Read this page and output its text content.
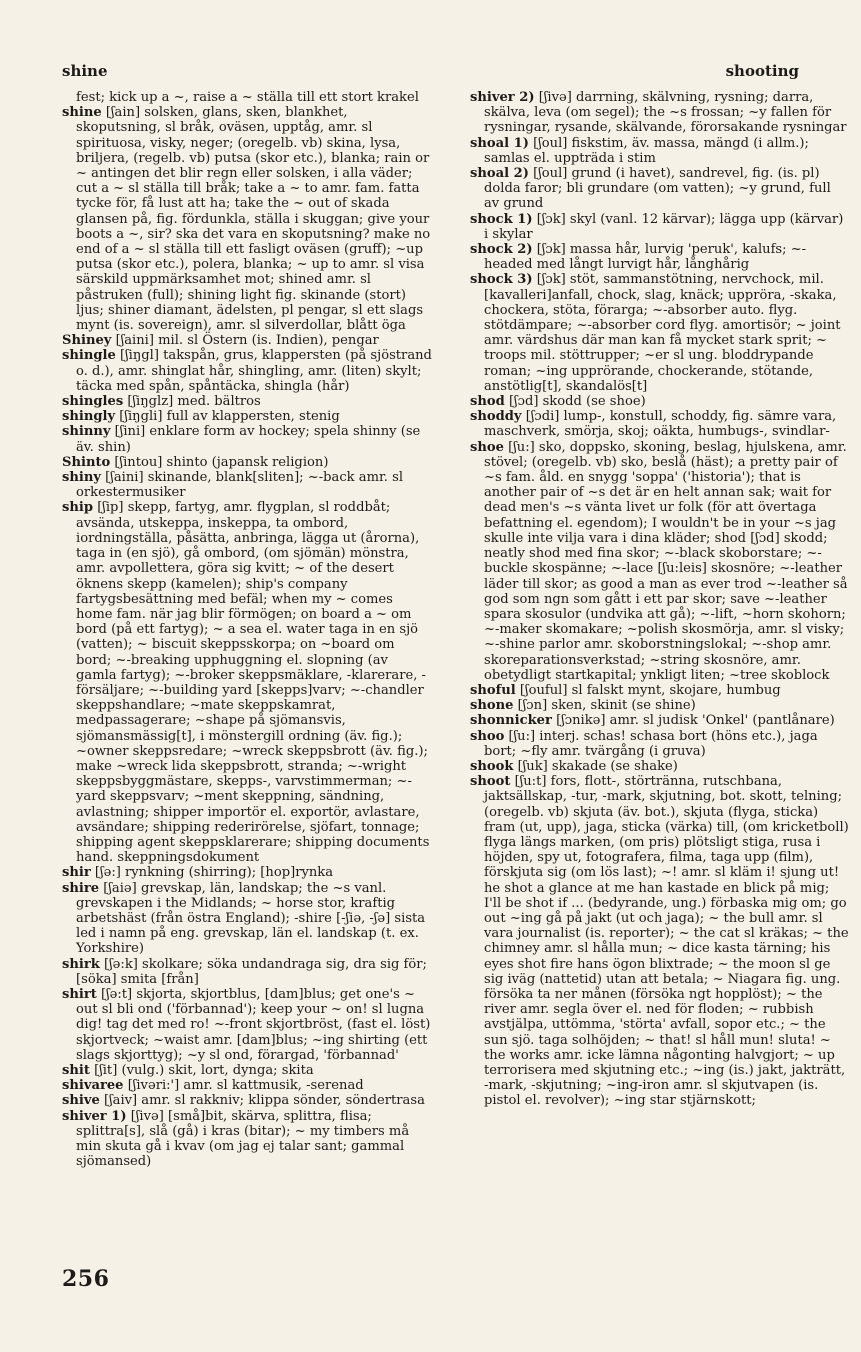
shine	shooting

fest; kick up a ~, raise a ~ ställa till ett stort krakel

shine [ʃain] solsken, glans, sken, blankhet, skoputsning, sl bråk, oväsen, upptåg, amr. sl spirituosa, visky, neger; (oregelb. vb) skina, lysa, briljera, (regelb. vb) putsa (skor etc.), blanka; rain or ~ antingen det blir regn eller solsken, i alla väder; cut a ~ sl ställa till bråk; take a ~ to amr. fam. fatta tycke för, få lust att ha; take the ~ out of skada glansen på, fig. fördunkla, ställa i skuggan; give your boots a ~, sir? ska det vara en skoputsning? make no end of a ~ sl ställa till ett fasligt oväsen (gruff); ~up putsa (skor etc.), polera, blanka; ~ up to amr. sl visa särskild uppmärksamhet mot; shined amr. sl påstruken (full); shining light fig. skinande (stort) ljus; shiner diamant, ädelsten, pl pengar, sl ett slags mynt (is. sovereign), amr. sl silverdollar, blått öga

Shiney [ʃaini] mil. sl Östern (is. Indien), pengar

shingle [ʃiŋgl] takspån, grus, klappersten (på sjöstrand o. d.), amr. shinglat hår, shingling, amr. (liten) skylt; täcka med spån, spåntäcka, shingla (hår)

shingles [ʃiŋglz] med. bältros

shingly [ʃiŋgli] full av klappersten, stenig

shinny [ʃini] enklare form av hockey; spela shinny (se äv. shin)

Shinto [ʃintou] shinto (japansk religion)

shiny [ʃaini] skinande, blank[sliten]; ~-back amr. sl orkestermusiker

ship [ʃip] skepp, fartyg, amr. flygplan, sl roddbåt; avsända, utskeppa, inskeppa, ta ombord, iordningställa, påsätta, anbringa, lägga ut (årorna), taga in (en sjö), gå ombord, (om sjömän) mönstra, amr. avpollettera, göra sig kvitt; ~ of the desert öknens skepp (kamelen); ship's company fartygsbesättning med befäl; when my ~ comes home fam. när jag blir förmögen; on board a ~ om bord (på ett fartyg); ~ a sea el. water taga in en sjö (vatten); ~ biscuit skeppsskorpa; on ~board om bord; ~-breaking upphuggning el. slopning (av gamla fartyg); ~-broker skeppsmäklare, -klarerare, -försäljare; ~-building yard [skepps]varv; ~-chandler skeppshandlare; ~mate skeppskamrat, medpassagerare; ~shape på sjömansvis, sjömansmässig[t], i mönstergill ordning (äv. fig.); ~owner skeppsredare; ~wreck skeppsbrott (äv. fig.); make ~wreck lida skeppsbrott, stranda; ~-wright skeppsbyggmästare, skepps-, varvstimmerman; ~-yard skeppsvarv; ~ment skeppning, sändning, avlastning; shipper importör el. exportör, avlastare, avsändare; shipping rederirörelse, sjöfart, tonnage; shipping agent skeppsklarerare; shipping documents hand. skeppningsdokument

shir [ʃə:] rynkning (shirring); [hop]rynka

shire [ʃaiə] grevskap, län, landskap; the ~s vanl. grevskapen i the Midlands; ~ horse stor, kraftig arbetshäst (från östra England); -shire [-ʃiə, -ʃə] sista led i namn på eng. grevskap, län el. landskap (t. ex. Yorkshire)

shirk [ʃə:k] skolkare; söka undandraga sig, dra sig för; [söka] smita [från]

shirt [ʃə:t] skjorta, skjortblus, [dam]blus; get one's ~ out sl bli ond ('förbannad'); keep your ~ on! sl lugna dig! tag det med ro! ~-front skjortbröst, (fast el. löst) skjortveck; ~waist amr. [dam]blus; ~ing shirting (ett slags skjorttyg); ~y sl ond, förargad, 'förbannad'

shit [ʃit] (vulg.) skit, lort, dynga; skita

shivaree [ʃivəri:'] amr. sl kattmusik, -serenad

shive [ʃaiv] amr. sl rakkniv; klippa sönder, söndertrasa

shiver 1) [ʃivə] [små]bit, skärva, splittra, flisa; splittra[s], slå (gå) i kras (bitar); ~ my timbers må min skuta gå i kvav (om jag ej talar sant; gammal sjömansed)

shiver 2) [ʃivə] darrning, skälvning, rysning; darra, skälva, leva (om segel); the ~s frossan; ~y fallen för rysningar, rysande, skälvande, förorsakande rysningar

shoal 1) [ʃoul] fiskstim, äv. massa, mängd (i allm.); samlas el. uppträda i stim

shoal 2) [ʃoul] grund (i havet), sandrevel, fig. (is. pl) dolda faror; bli grundare (om vatten); ~y grund, full av grund

shock 1) [ʃɔk] skyl (vanl. 12 kärvar); lägga upp (kärvar) i skylar

shock 2) [ʃɔk] massa hår, lurvig 'peruk', kalufs; ~-headed med långt lurvigt hår, långhårig

shock 3) [ʃɔk] stöt, sammanstötning, nervchock, mil. [kavalleri]anfall, chock, slag, knäck; uppröra, -skaka, chockera, stöta, förarga; ~-absorber auto. flyg. stötdämpare; ~-absorber cord flyg. amortisör; ~ joint amr. värdshus där man kan få mycket stark sprit; ~ troops mil. stöttrupper; ~er sl ung. bloddrypande roman; ~ing upprörande, chockerande, stötande, anstötlig[t], skandalös[t]

shod [ʃɔd] skodd (se shoe)

shoddy [ʃɔdi] lump-, konstull, schoddy, fig. sämre vara, maschverk, smörja, skoj; oäkta, humbugs-, svindlar-

shoe [ʃu:] sko, doppsko, skoning, beslag, hjulskena, amr. stövel; (oregelb. vb) sko, beslå (häst); a pretty pair of ~s fam. åld. en snygg 'soppa' ('historia'); that is another pair of ~s det är en helt annan sak; wait for dead men's ~s vänta livet ur folk (för att övertaga befattning el. egendom); I wouldn't be in your ~s jag skulle inte vilja vara i dina kläder; shod [ʃɔd] skodd; neatly shod med fina skor; ~-black skoborstare; ~-buckle skospänne; ~-lace [ʃu:leis] skosnöre; ~-leather läder till skor; as good a man as ever trod ~-leather så god som ngn som gått i ett par skor; save ~-leather spara skosulor (undvika att gå); ~-lift, ~horn skohorn; ~-maker skomakare; ~polish skosmörja, amr. sl visky; ~-shine parlor amr. skoborstningslokal; ~-shop amr. skoreparationsverkstad; ~string skosnöre, amr. obetydligt startkapital; ynkligt liten; ~tree skoblock

shoful [ʃouful] sl falskt mynt, skojare, humbug

shone [ʃɔn] sken, skinit (se shine)

shonnicker [ʃɔnikə] amr. sl judisk 'Onkel' (pantlånare)

shoo [ʃu:] interj. schas! schasa bort (höns etc.), jaga bort; ~fly amr. tvärgång (i gruva)

shook [ʃuk] skakade (se shake)

shoot [ʃu:t] fors, flott-, störtränna, rutschbana, jaktsällskap, -tur, -mark, skjutning, bot. skott, telning; (oregelb. vb) skjuta (äv. bot.), skjuta (flyga, sticka) fram (ut, upp), jaga, sticka (värka) till, (om kricketboll) flyga längs marken, (om pris) plötsligt stiga, rusa i höjden, spy ut, fotografera, filma, taga upp (film), förskjuta sig (om lös last); ~! amr. sl kläm i! sjung ut! he shot a glance at me han kastade en blick på mig; I'll be shot if ... (bedyrande, ung.) förbaska mig om; go out ~ing gå på jakt (ut och jaga); ~ the bull amr. sl vara journalist (is. reporter); ~ the cat sl kräkas; ~ the chimney amr. sl hålla mun; ~ dice kasta tärning; his eyes shot fire hans ögon blixtrade; ~ the moon sl ge sig iväg (nattetid) utan att betala; ~ Niagara fig. ung. försöka ta ner månen (försöka ngt hopplöst); ~ the river amr. segla över el. ned för floden; ~ rubbish avstjälpa, uttömma, 'störta' avfall, sopor etc.; ~ the sun sjö. taga solhöjden; ~ that! sl håll mun! sluta! ~ the works amr. icke lämna någonting halvgjort; ~ up terrorisera med skjutning etc.; ~ing (is.) jakt, jakträtt, -mark, -skjutning; ~ing-iron amr. sl skjutvapen (is. pistol el. revolver); ~ing star stjärnskott;

256
